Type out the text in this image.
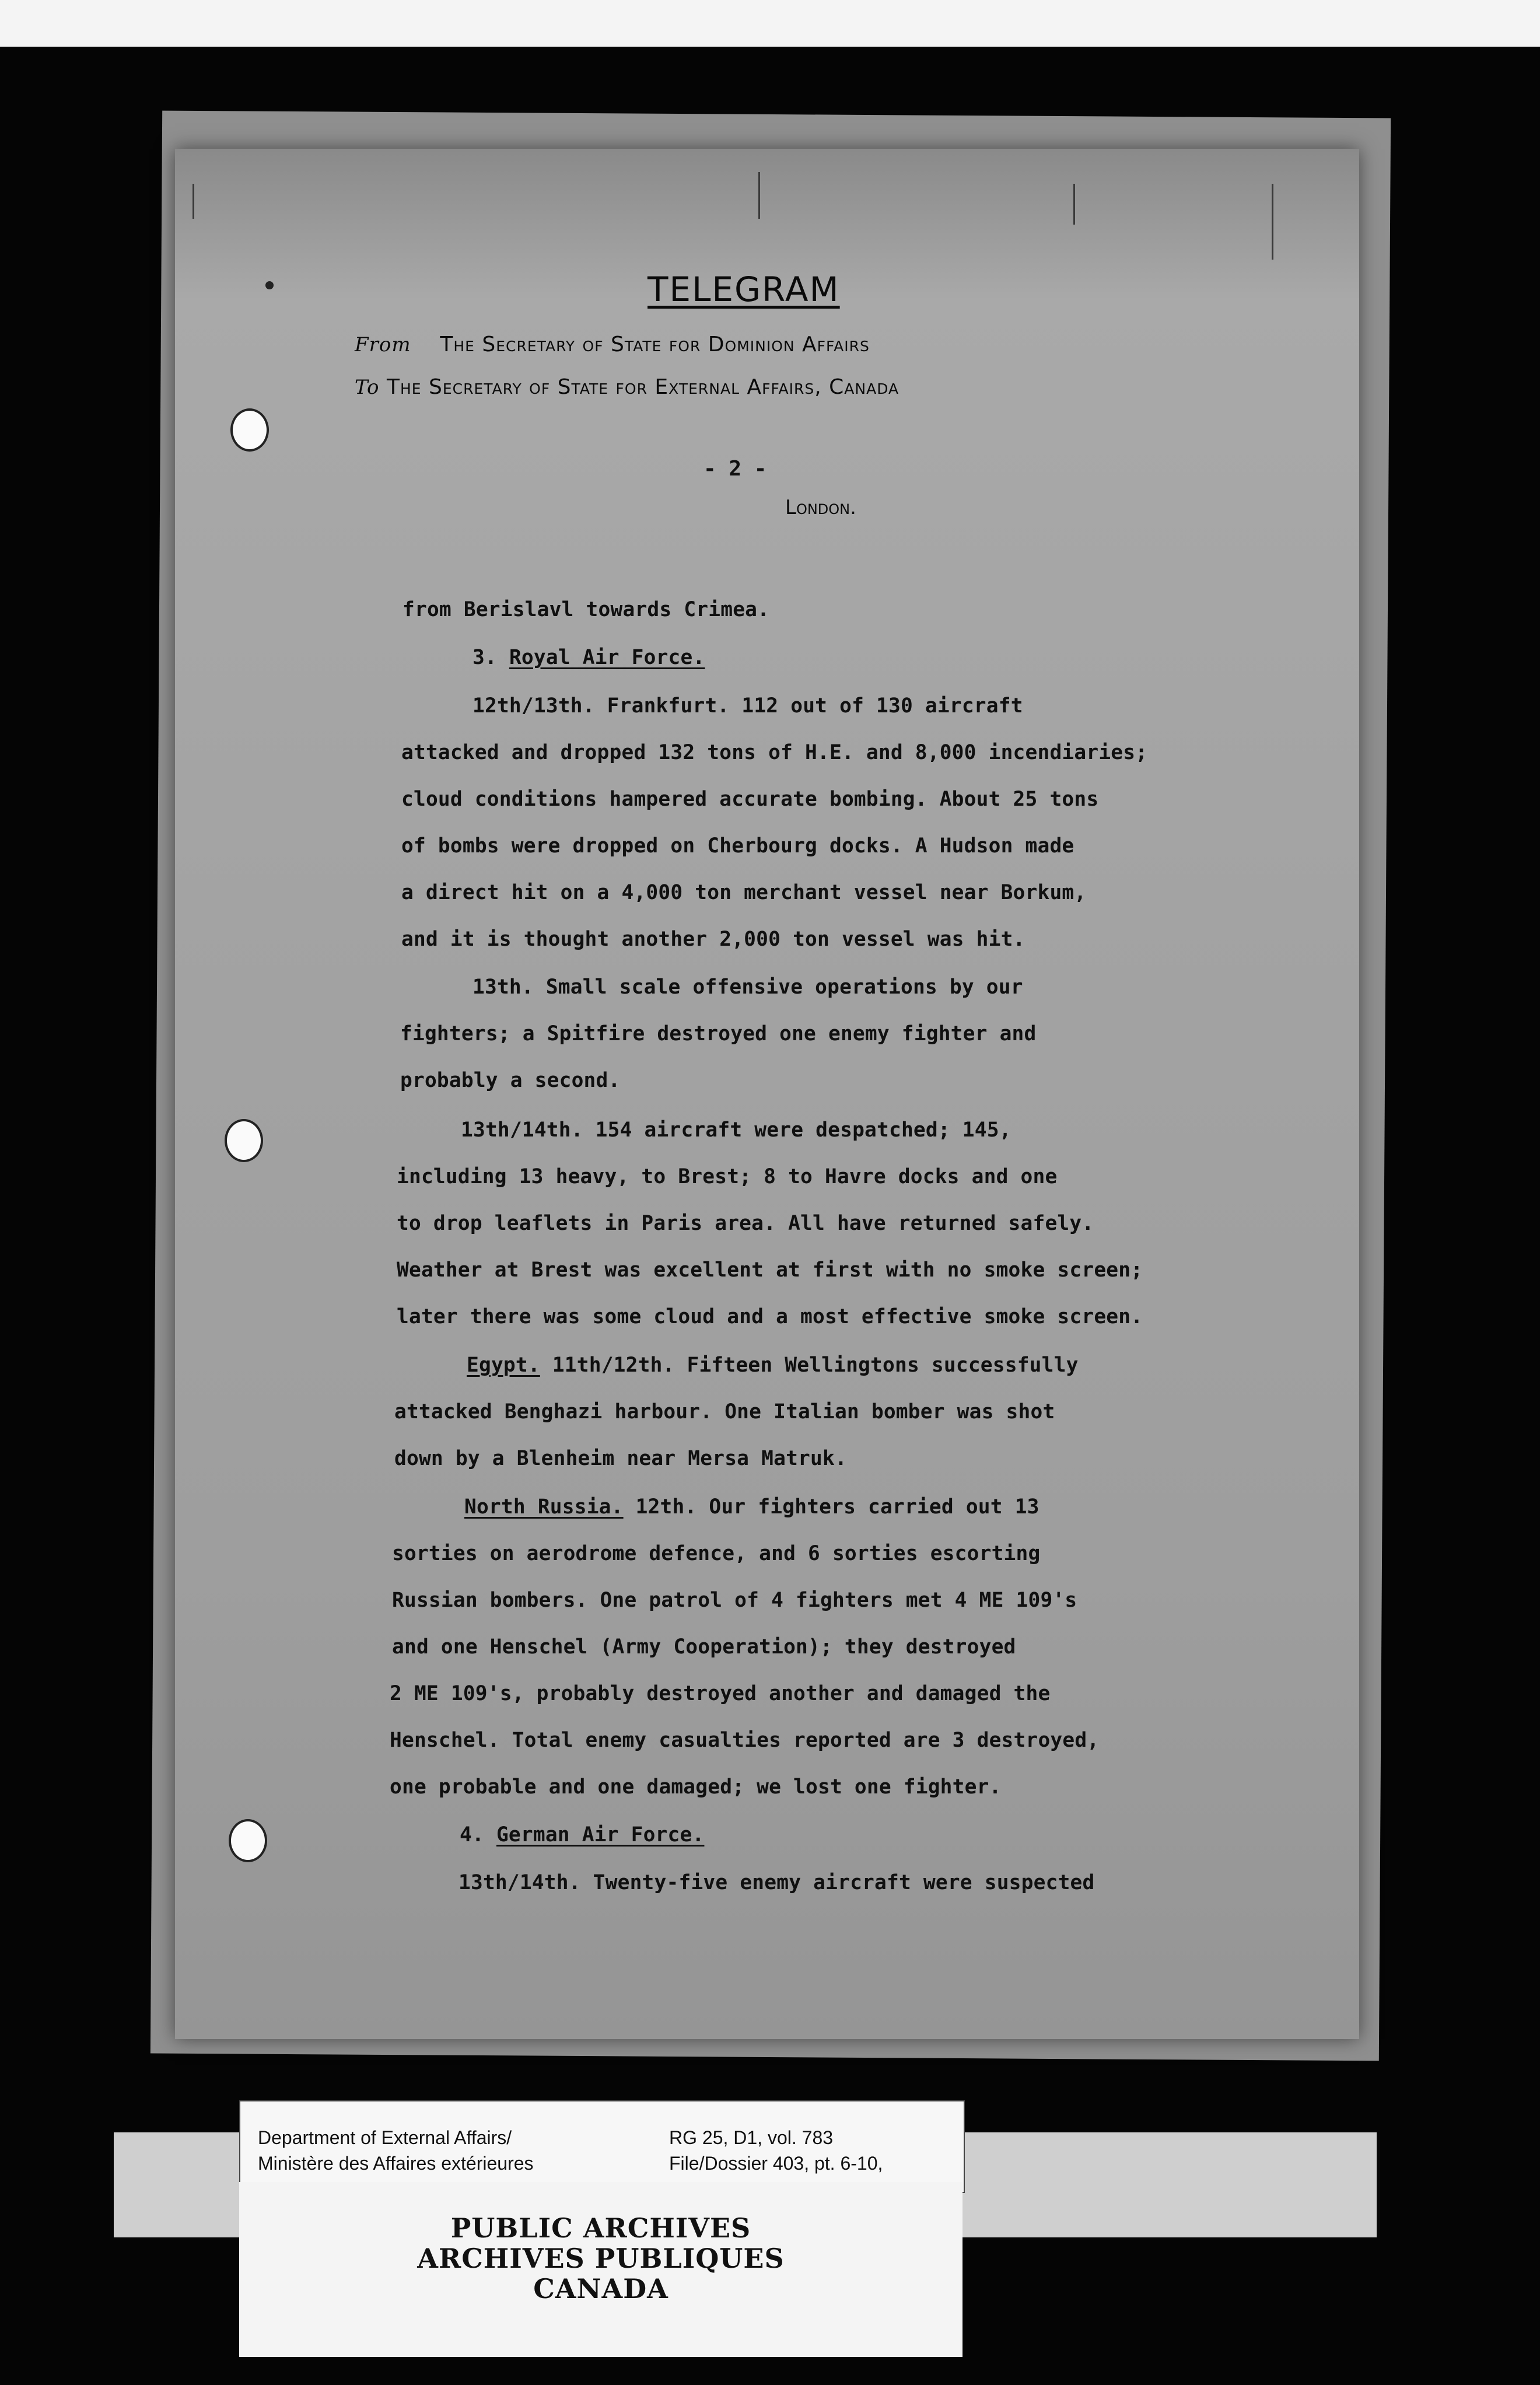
TELEGRAM
From The Secretary of State for Dominion Affairs
To The Secretary of State for External Affairs, Canada
- 2 -
London.
from Berislavl towards Crimea.
3. Royal Air Force.
12th/13th. Frankfurt. 112 out of 130 aircraft
attacked and dropped 132 tons of H.E. and 8,000 incendiaries;
cloud conditions hampered accurate bombing. About 25 tons
of bombs were dropped on Cherbourg docks. A Hudson made
a direct hit on a 4,000 ton merchant vessel near Borkum,
and it is thought another 2,000 ton vessel was hit.
13th. Small scale offensive operations by our
fighters; a Spitfire destroyed one enemy fighter and
probably a second.
13th/14th. 154 aircraft were despatched; 145,
including 13 heavy, to Brest; 8 to Havre docks and one
to drop leaflets in Paris area. All have returned safely.
Weather at Brest was excellent at first with no smoke screen;
later there was some cloud and a most effective smoke screen.
Egypt. 11th/12th. Fifteen Wellingtons successfully
attacked Benghazi harbour. One Italian bomber was shot
down by a Blenheim near Mersa Matruk.
North Russia. 12th. Our fighters carried out 13
sorties on aerodrome defence, and 6 sorties escorting
Russian bombers. One patrol of 4 fighters met 4 ME 109's
and one Henschel (Army Cooperation); they destroyed
2 ME 109's, probably destroyed another and damaged the
Henschel. Total enemy casualties reported are 3 destroyed,
one probable and one damaged; we lost one fighter.
4. German Air Force.
13th/14th. Twenty-five enemy aircraft were suspected
Department of External Affairs/
Ministère des Affaires extérieures
RG 25, D1, vol. 783
File/Dossier 403, pt. 6-10,
PUBLIC ARCHIVES
ARCHIVES PUBLIQUES
CANADA
